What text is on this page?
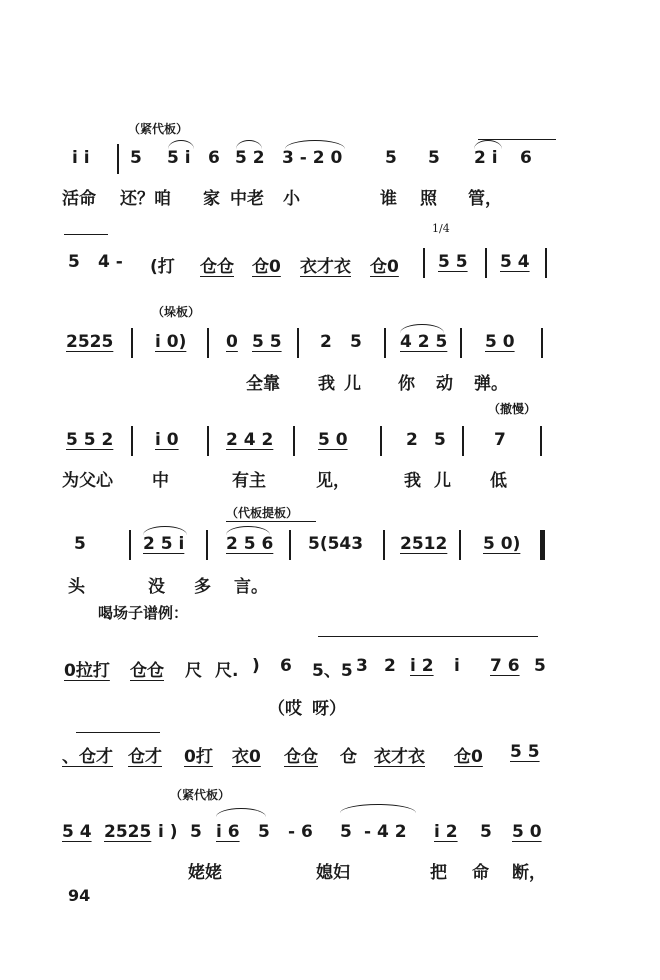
（紧代板）
i i 5 5 i 6 5 2 3 - 2 0	5 5 2 i 6
活命 还？咱 家 中老 小	谁 照 管，
1/4
5 4 - (打 仓仓 仓0 衣才衣 仓0 5 5 5 4
（垛板）
2525 i 0) 0 5 5 2 5 4 2 5 5 0
全靠 我 儿 你 动 弹。
（撤慢）
5 5 2 i 0	2 4 2	5 0	2 5	7
为父心 中	有主	见，	我 儿 低
（代板提板）
5	2 5 i 2 5 6 5(543 2512 5 0)
头	没 多 言。
喝场子谱例：
0拉打 仓仓 尺 尺. ) 6 5、5 3 2 i 2 i 7 6 5
（哎 呀）
、仓才 仓才 0打 衣0 仓仓 仓 衣才衣 仓0 5 5
（紧代板）
5 4 2525 i ) 5 i 6 5 - 6 5 - 4 2 i 2 5 5 0
姥姥	媳妇	把 命 断，
94
